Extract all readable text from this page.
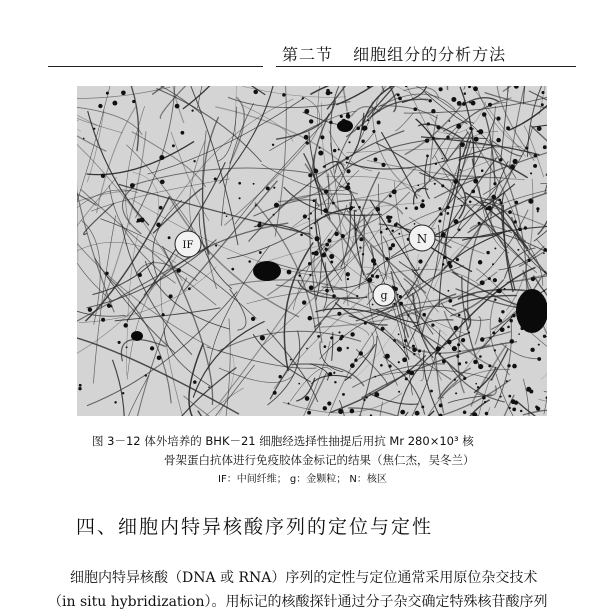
第二节 细胞组分的分析方法
IF	N
g
图 3－12 体外培养的 BHK－21 细胞经选择性抽提后用抗 Mr 280×10³ 核
骨架蛋白抗体进行免疫胶体金标记的结果（焦仁杰，吴冬兰）
IF：中间纤维； g：金颗粒； N：核区
四、细胞内特异核酸序列的定位与定性

细胞内特异核酸（DNA 或 RNA）序列的定性与定位通常采用原位杂交技术

（in situ hybridization）。用标记的核酸探针通过分子杂交确定特殊核苷酸序列
